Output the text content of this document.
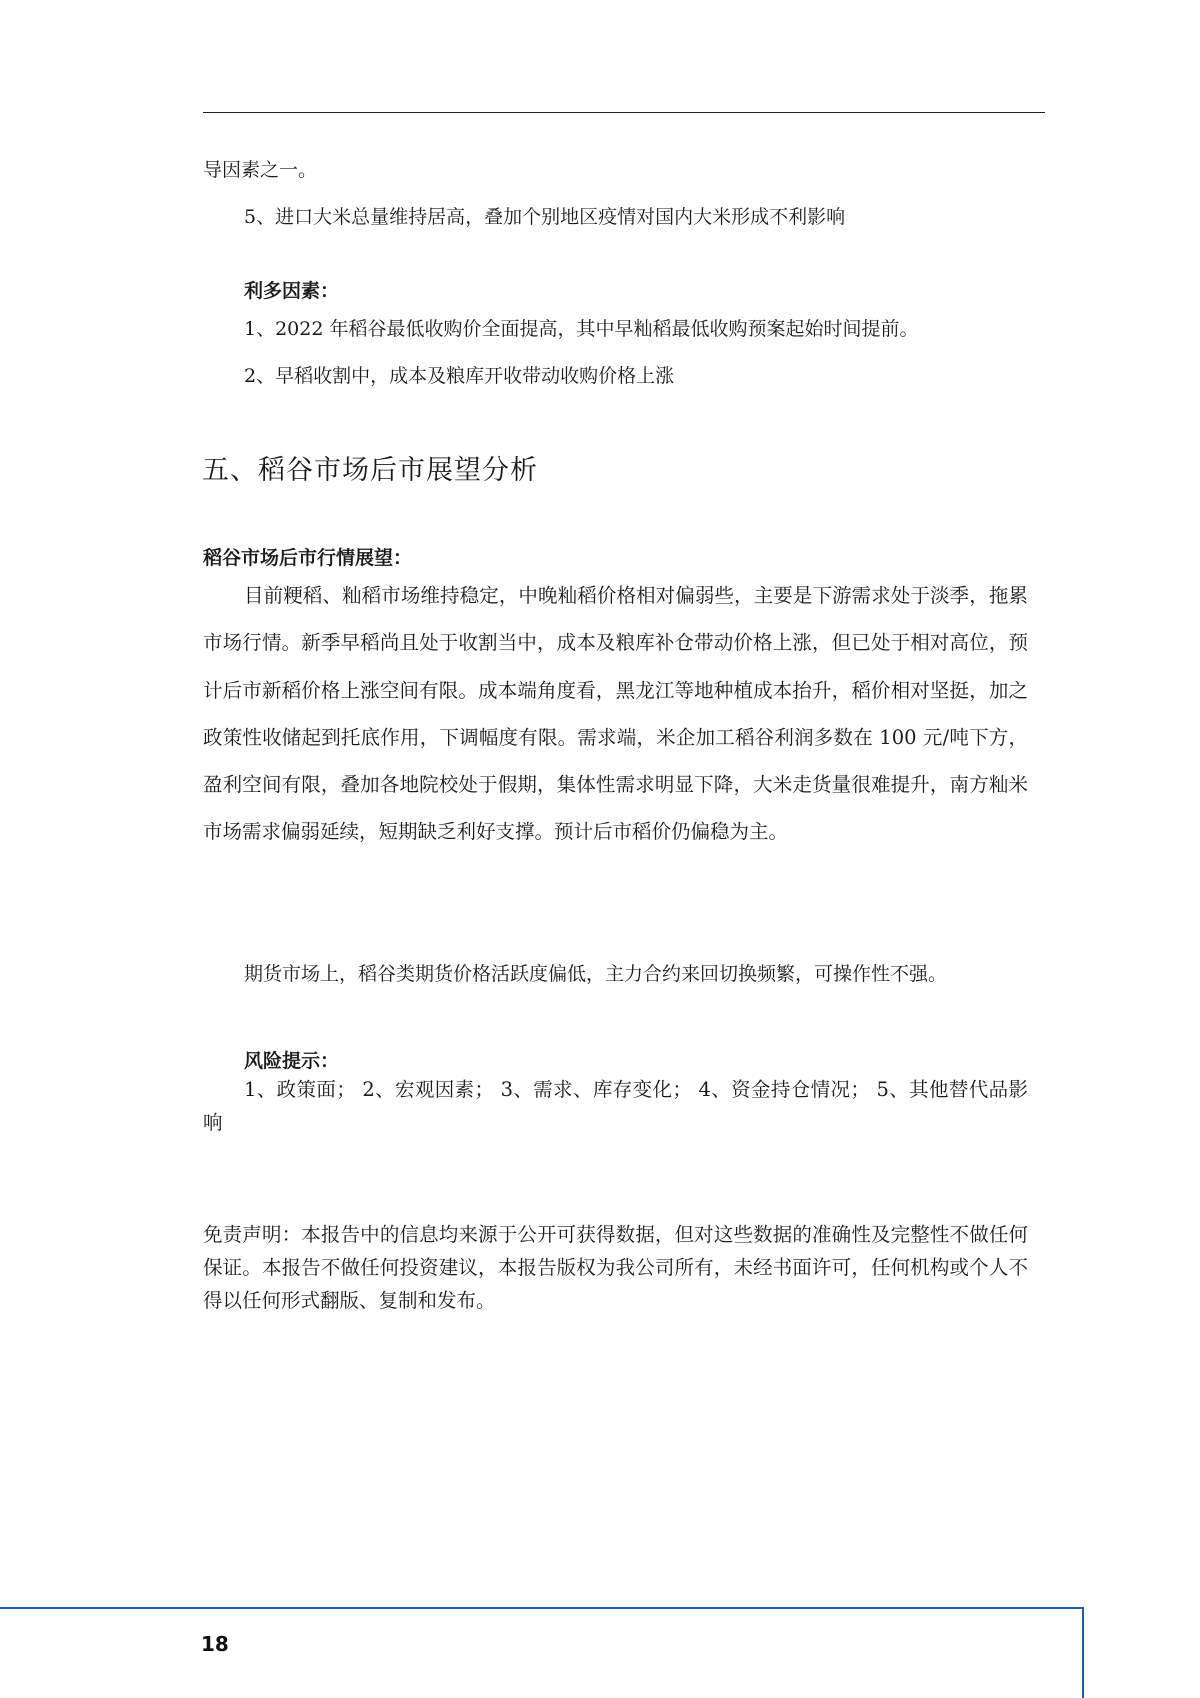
导因素之一。
5、进口大米总量维持居高，叠加个别地区疫情对国内大米形成不利影响
利多因素：
1、2022 年稻谷最低收购价全面提高，其中早籼稻最低收购预案起始时间提前。
2、早稻收割中，成本及粮库开收带动收购价格上涨
五、稻谷市场后市展望分析
稻谷市场后市行情展望：
目前粳稻、籼稻市场维持稳定，中晚籼稻价格相对偏弱些，主要是下游需求处于淡季，拖累市场行情。新季早稻尚且处于收割当中，成本及粮库补仓带动价格上涨，但已处于相对高位，预计后市新稻价格上涨空间有限。成本端角度看，黑龙江等地种植成本抬升，稻价相对坚挺，加之政策性收储起到托底作用，下调幅度有限。需求端，米企加工稻谷利润多数在 100 元/吨下方，盈利空间有限，叠加各地院校处于假期，集体性需求明显下降，大米走货量很难提升，南方籼米市场需求偏弱延续，短期缺乏利好支撑。预计后市稻价仍偏稳为主。
期货市场上，稻谷类期货价格活跃度偏低，主力合约来回切换频繁，可操作性不强。
风险提示：
1、政策面； 2、宏观因素； 3、需求、库存变化； 4、资金持仓情况； 5、其他替代品影响
免责声明：本报告中的信息均来源于公开可获得数据，但对这些数据的准确性及完整性不做任何保证。本报告不做任何投资建议，本报告版权为我公司所有，未经书面许可，任何机构或个人不得以任何形式翻版、复制和发布。
18
